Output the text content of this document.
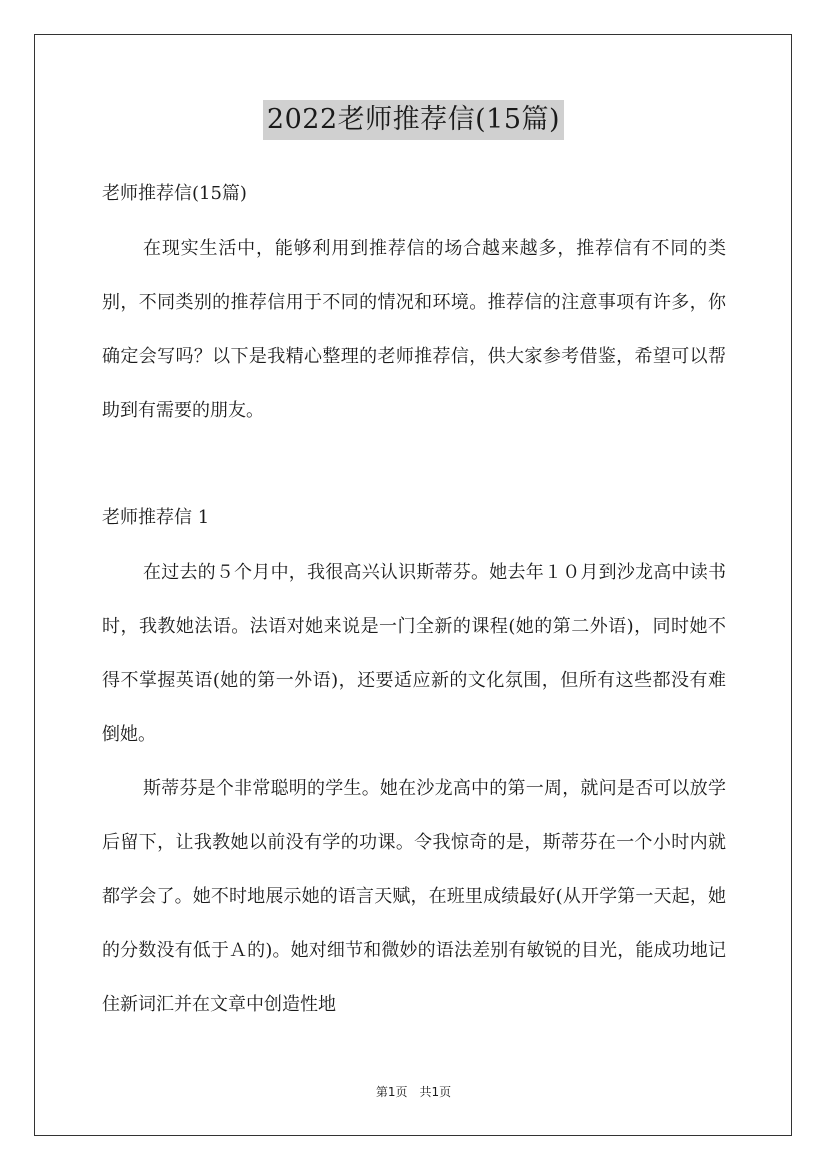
2022老师推荐信(15篇)
老师推荐信(15篇)

在现实生活中，能够利用到推荐信的场合越来越多，推荐信有不同的类别，不同类别的推荐信用于不同的情况和环境。推荐信的注意事项有许多，你确定会写吗？以下是我精心整理的老师推荐信，供大家参考借鉴，希望可以帮助到有需要的朋友。

老师推荐信 1

在过去的５个月中，我很高兴认识斯蒂芬。她去年１０月到沙龙高中读书时，我教她法语。法语对她来说是一门全新的课程(她的第二外语)，同时她不得不掌握英语(她的第一外语)，还要适应新的文化氛围，但所有这些都没有难倒她。

斯蒂芬是个非常聪明的学生。她在沙龙高中的第一周，就问是否可以放学后留下，让我教她以前没有学的功课。令我惊奇的是，斯蒂芬在一个小时内就都学会了。她不时地展示她的语言天赋，在班里成绩最好(从开学第一天起，她的分数没有低于Ａ的)。她对细节和微妙的语法差别有敏锐的目光，能成功地记住新词汇并在文章中创造性地

第1页　共1页
